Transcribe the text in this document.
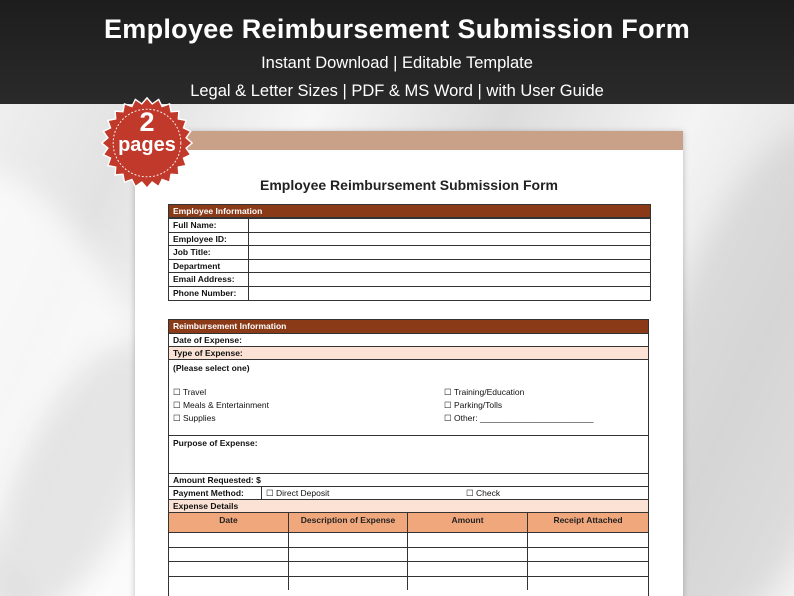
Employee Reimbursement Submission Form
Instant Download | Editable Template
Legal & Letter Sizes | PDF & MS Word | with User Guide
2
pages
Employee Reimbursement Submission Form
Employee Information
Full Name:
Employee ID:
Job Title:
Department
Email Address:
Phone Number:
Reimbursement Information
Date of Expense:
Type of Expense:
(Please select one)
☐ Travel
☐ Meals & Entertainment
☐ Supplies
☐ Training/Education
☐ Parking/Tolls
☐ Other: ________________________
Purpose of Expense:
Amount Requested: $
Payment Method:	☐ Direct Deposit	☐ Check
Expense Details
Date	Description of Expense	Amount	Receipt Attached
